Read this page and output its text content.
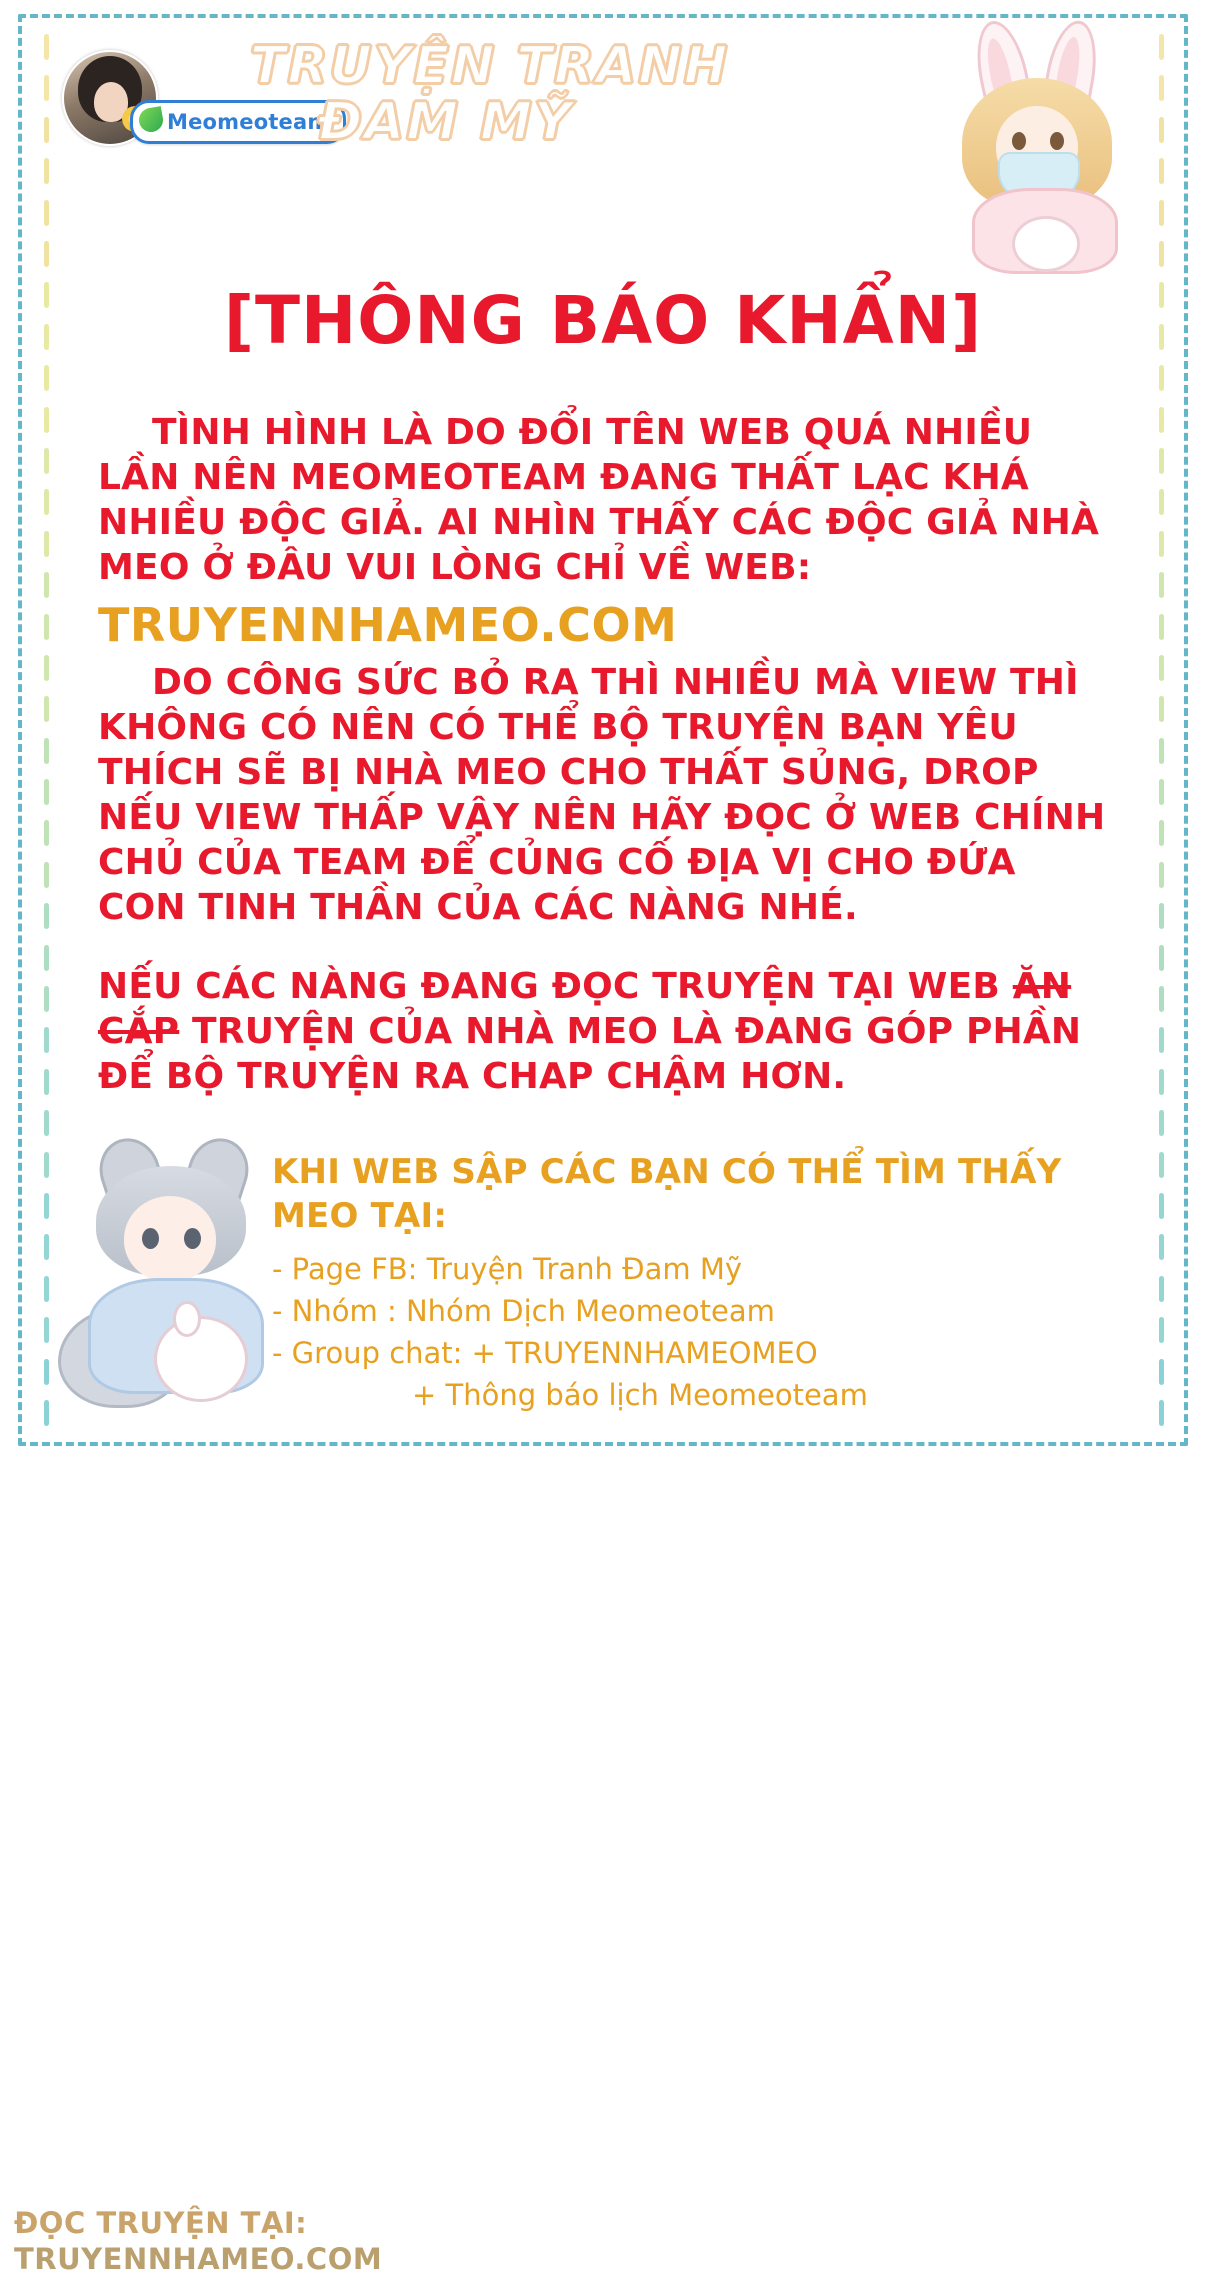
Meomeoteam
TRUYỆN TRANH
ĐAM MỸ
[THÔNG BÁO KHẨN]

TÌNH HÌNH LÀ DO ĐỔI TÊN WEB QUÁ NHIỀU LẦN NÊN MEOMEOTEAM ĐANG THẤT LẠC KHÁ NHIỀU ĐỘC GIẢ. AI NHÌN THẤY CÁC ĐỘC GIẢ NHÀ MEO Ở ĐÂU VUI LÒNG CHỈ VỀ WEB:

TRUYENNHAMEO.COM

DO CÔNG SỨC BỎ RA THÌ NHIỀU MÀ VIEW THÌ KHÔNG CÓ NÊN CÓ THỂ BỘ TRUYỆN BẠN YÊU THÍCH SẼ BỊ NHÀ MEO CHO THẤT SỦNG, DROP NẾU VIEW THẤP VẬY NÊN HÃY ĐỌC Ở WEB CHÍNH CHỦ CỦA TEAM ĐỂ CỦNG CỐ ĐỊA VỊ CHO ĐỨA CON TINH THẦN CỦA CÁC NÀNG NHÉ.

NẾU CÁC NÀNG ĐANG ĐỌC TRUYỆN TẠI WEB ĂN CẮP TRUYỆN CỦA NHÀ MEO LÀ ĐANG GÓP PHẦN ĐỂ BỘ TRUYỆN RA CHAP CHẬM HƠN.

KHI WEB SẬP CÁC BẠN CÓ THỂ TÌM THẤY MEO TẠI:
- Page FB: Truyện Tranh Đam Mỹ
- Nhóm : Nhóm Dịch Meomeoteam
- Group chat: + TRUYENNHAMEOMEO
+ Thông báo lịch Meomeoteam
ĐỌC TRUYỆN TẠI:
TRUYENNHAMEO.COM
